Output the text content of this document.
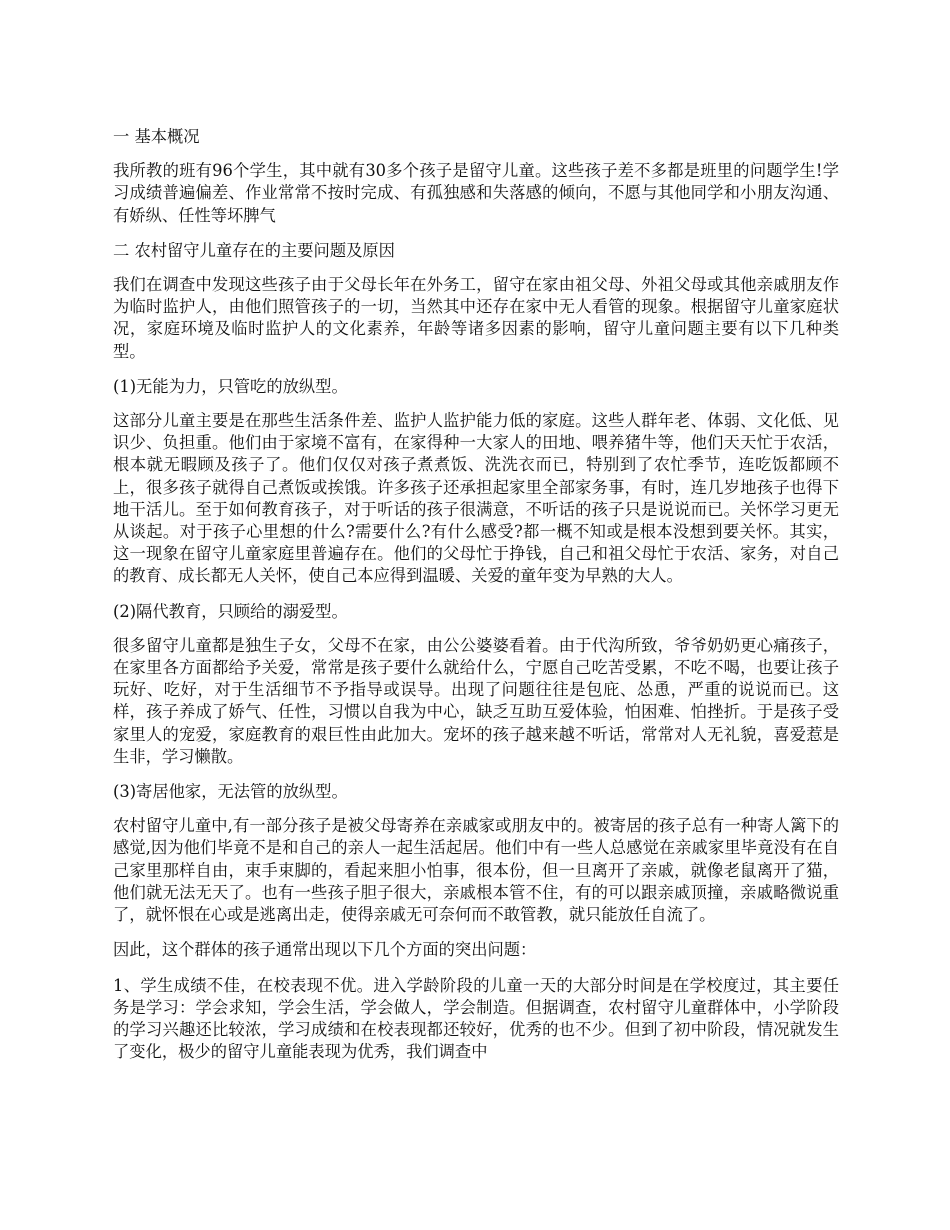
一 基本概况

我所教的班有96个学生，其中就有30多个孩子是留守儿童。这些孩子差不多都是班里的问题学生!学习成绩普遍偏差、作业常常不按时完成、有孤独感和失落感的倾向，不愿与其他同学和小朋友沟通、有娇纵、任性等坏脾气

二 农村留守儿童存在的主要问题及原因

我们在调查中发现这些孩子由于父母长年在外务工，留守在家由祖父母、外祖父母或其他亲戚朋友作为临时监护人，由他们照管孩子的一切，当然其中还存在家中无人看管的现象。根据留守儿童家庭状况，家庭环境及临时监护人的文化素养，年龄等诸多因素的影响，留守儿童问题主要有以下几种类型。

(1)无能为力，只管吃的放纵型。

这部分儿童主要是在那些生活条件差、监护人监护能力低的家庭。这些人群年老、体弱、文化低、见识少、负担重。他们由于家境不富有，在家得种一大家人的田地、喂养猪牛等，他们天天忙于农活，根本就无暇顾及孩子了。他们仅仅对孩子煮煮饭、洗洗衣而已，特别到了农忙季节，连吃饭都顾不上，很多孩子就得自己煮饭或挨饿。许多孩子还承担起家里全部家务事，有时，连几岁地孩子也得下地干活儿。至于如何教育孩子，对于听话的孩子很满意，不听话的孩子只是说说而已。关怀学习更无从谈起。对于孩子心里想的什么?需要什么?有什么感受?都一概不知或是根本没想到要关怀。其实，这一现象在留守儿童家庭里普遍存在。他们的父母忙于挣钱，自己和祖父母忙于农活、家务，对自己的教育、成长都无人关怀，使自己本应得到温暖、关爱的童年变为早熟的大人。

(2)隔代教育，只顾给的溺爱型。

很多留守儿童都是独生子女，父母不在家，由公公婆婆看着。由于代沟所致，爷爷奶奶更心痛孩子，在家里各方面都给予关爱，常常是孩子要什么就给什么，宁愿自己吃苦受累，不吃不喝，也要让孩子玩好、吃好，对于生活细节不予指导或误导。出现了问题往往是包庇、怂恿，严重的说说而已。这样，孩子养成了娇气、任性，习惯以自我为中心，缺乏互助互爱体验，怕困难、怕挫折。于是孩子受家里人的宠爱，家庭教育的艰巨性由此加大。宠坏的孩子越来越不听话，常常对人无礼貌，喜爱惹是生非，学习懒散。

(3)寄居他家，无法管的放纵型。

农村留守儿童中,有一部分孩子是被父母寄养在亲戚家或朋友中的。被寄居的孩子总有一种寄人篱下的感觉,因为他们毕竟不是和自己的亲人一起生活起居。他们中有一些人总感觉在亲戚家里毕竟没有在自己家里那样自由，束手束脚的，看起来胆小怕事，很本份，但一旦离开了亲戚，就像老鼠离开了猫，他们就无法无天了。也有一些孩子胆子很大，亲戚根本管不住，有的可以跟亲戚顶撞，亲戚略微说重了，就怀恨在心或是逃离出走，使得亲戚无可奈何而不敢管教，就只能放任自流了。

因此，这个群体的孩子通常出现以下几个方面的突出问题：

1、学生成绩不佳，在校表现不优。进入学龄阶段的儿童一天的大部分时间是在学校度过，其主要任务是学习：学会求知，学会生活，学会做人，学会制造。但据调查，农村留守儿童群体中，小学阶段的学习兴趣还比较浓，学习成绩和在校表现都还较好，优秀的也不少。但到了初中阶段，情况就发生了变化，极少的留守儿童能表现为优秀，我们调查中
